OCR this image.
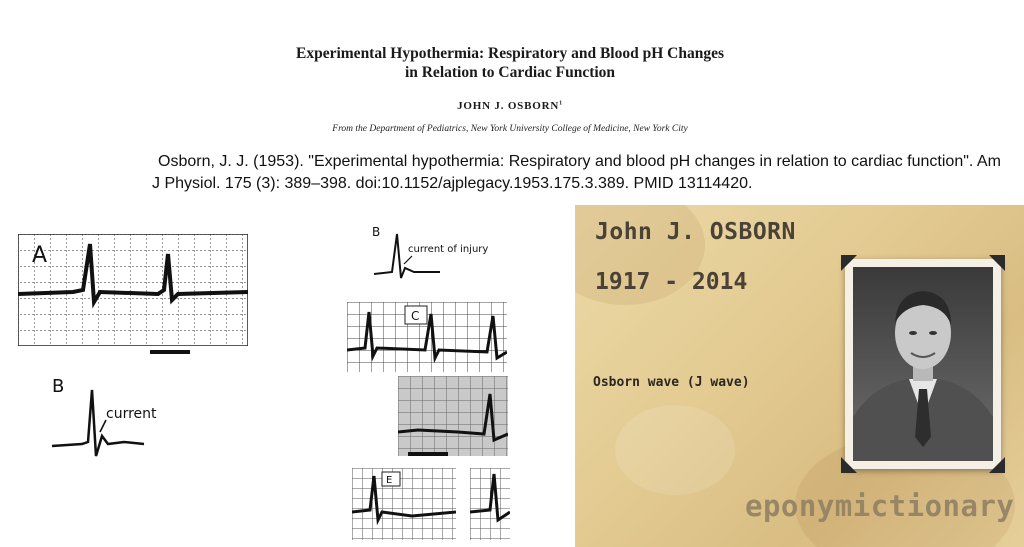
Experimental Hypothermia: Respiratory and Blood pH Changes
in Relation to Cardiac Function
JOHN J. OSBORN$^1$
From the Department of Pediatrics, New York University College of Medicine, New York City
Osborn, J. J. (1953). "Experimental hypothermia: Respiratory and blood pH changes in relation to cardiac function". Am J Physiol. 175 (3): 389–398. doi:10.1152/ajplegacy.1953.175.3.389. PMID 13114420.
A
B
current
B
current of injury
C
E
John J. OSBORN
1917 - 2014
Osborn wave (J wave)
eponymictionary
